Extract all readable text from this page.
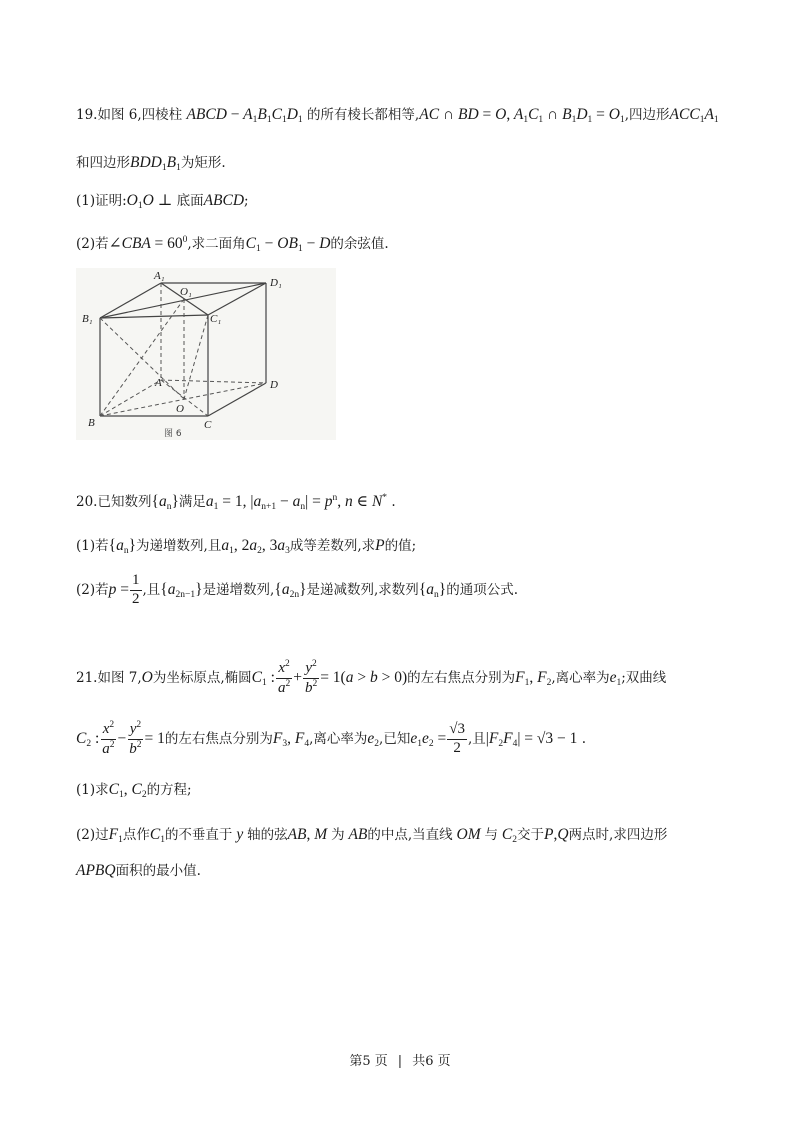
19.如图 6,四棱柱 ABCD − $A_1B_1C_1D_1$ 的所有棱长都相等,AC ∩ BD = O, $A_1C_1$ ∩ $B_1D_1 = O_1$,四边形$ACC_1A_1$
和四边形$BDD_1B_1$为矩形.
(1)证明$:O_1O$ ⊥ 底面ABCD;
(2)若∠CBA = $60^0$,求二面角$C_1 - OB_1 - D$的余弦值.
A₁
D₁
B₁	C₁
O₁
A	D
B	C
O
图 6
20.已知数列$\{a_n\}$满足$a_1 = 1$, $|a_{n+1} - a_n| = p^n$, n ∈ N* .
(1)若$\{a_n\}$为递增数列,且$a_1$, $2a_2$, $3a_3$成等差数列,求P的值;
(2)若$p = \frac{1}{2}$ ,且$\{a_{2n-1}\}$是递增数列$,\{a_{2n}\}$是递减数列,求数列$\{a_n\}$的通项公式.
21.如图 7,O为坐标原点,椭圆$C_1$ : $\frac{x^2}{a^2} + \frac{y^2}{b^2} = 1(a > b > 0)$的左右焦点分别为$F_1$, $F_2$,离心率为$e_1$;双曲线
$C_2$ : $\frac{x^2}{a^2} - \frac{y^2}{b^2} = 1$的左右焦点分别为$F_3$, $F_4$,离心率为$e_2$,已知$e_1e_2 = \frac{√3}{2}$ ,且$|F_2F_4| = √3 - 1$ .
(1)求$C_1$, $C_2$的方程;
(2)过$F_1$点作$C_1$的不垂直于 y 轴的弦AB, M 为 AB的中点,当直线 OM 与 $C_2$交于P,Q两点时,求四边形
APBQ面积的最小值.
第5 页 | 共6 页
